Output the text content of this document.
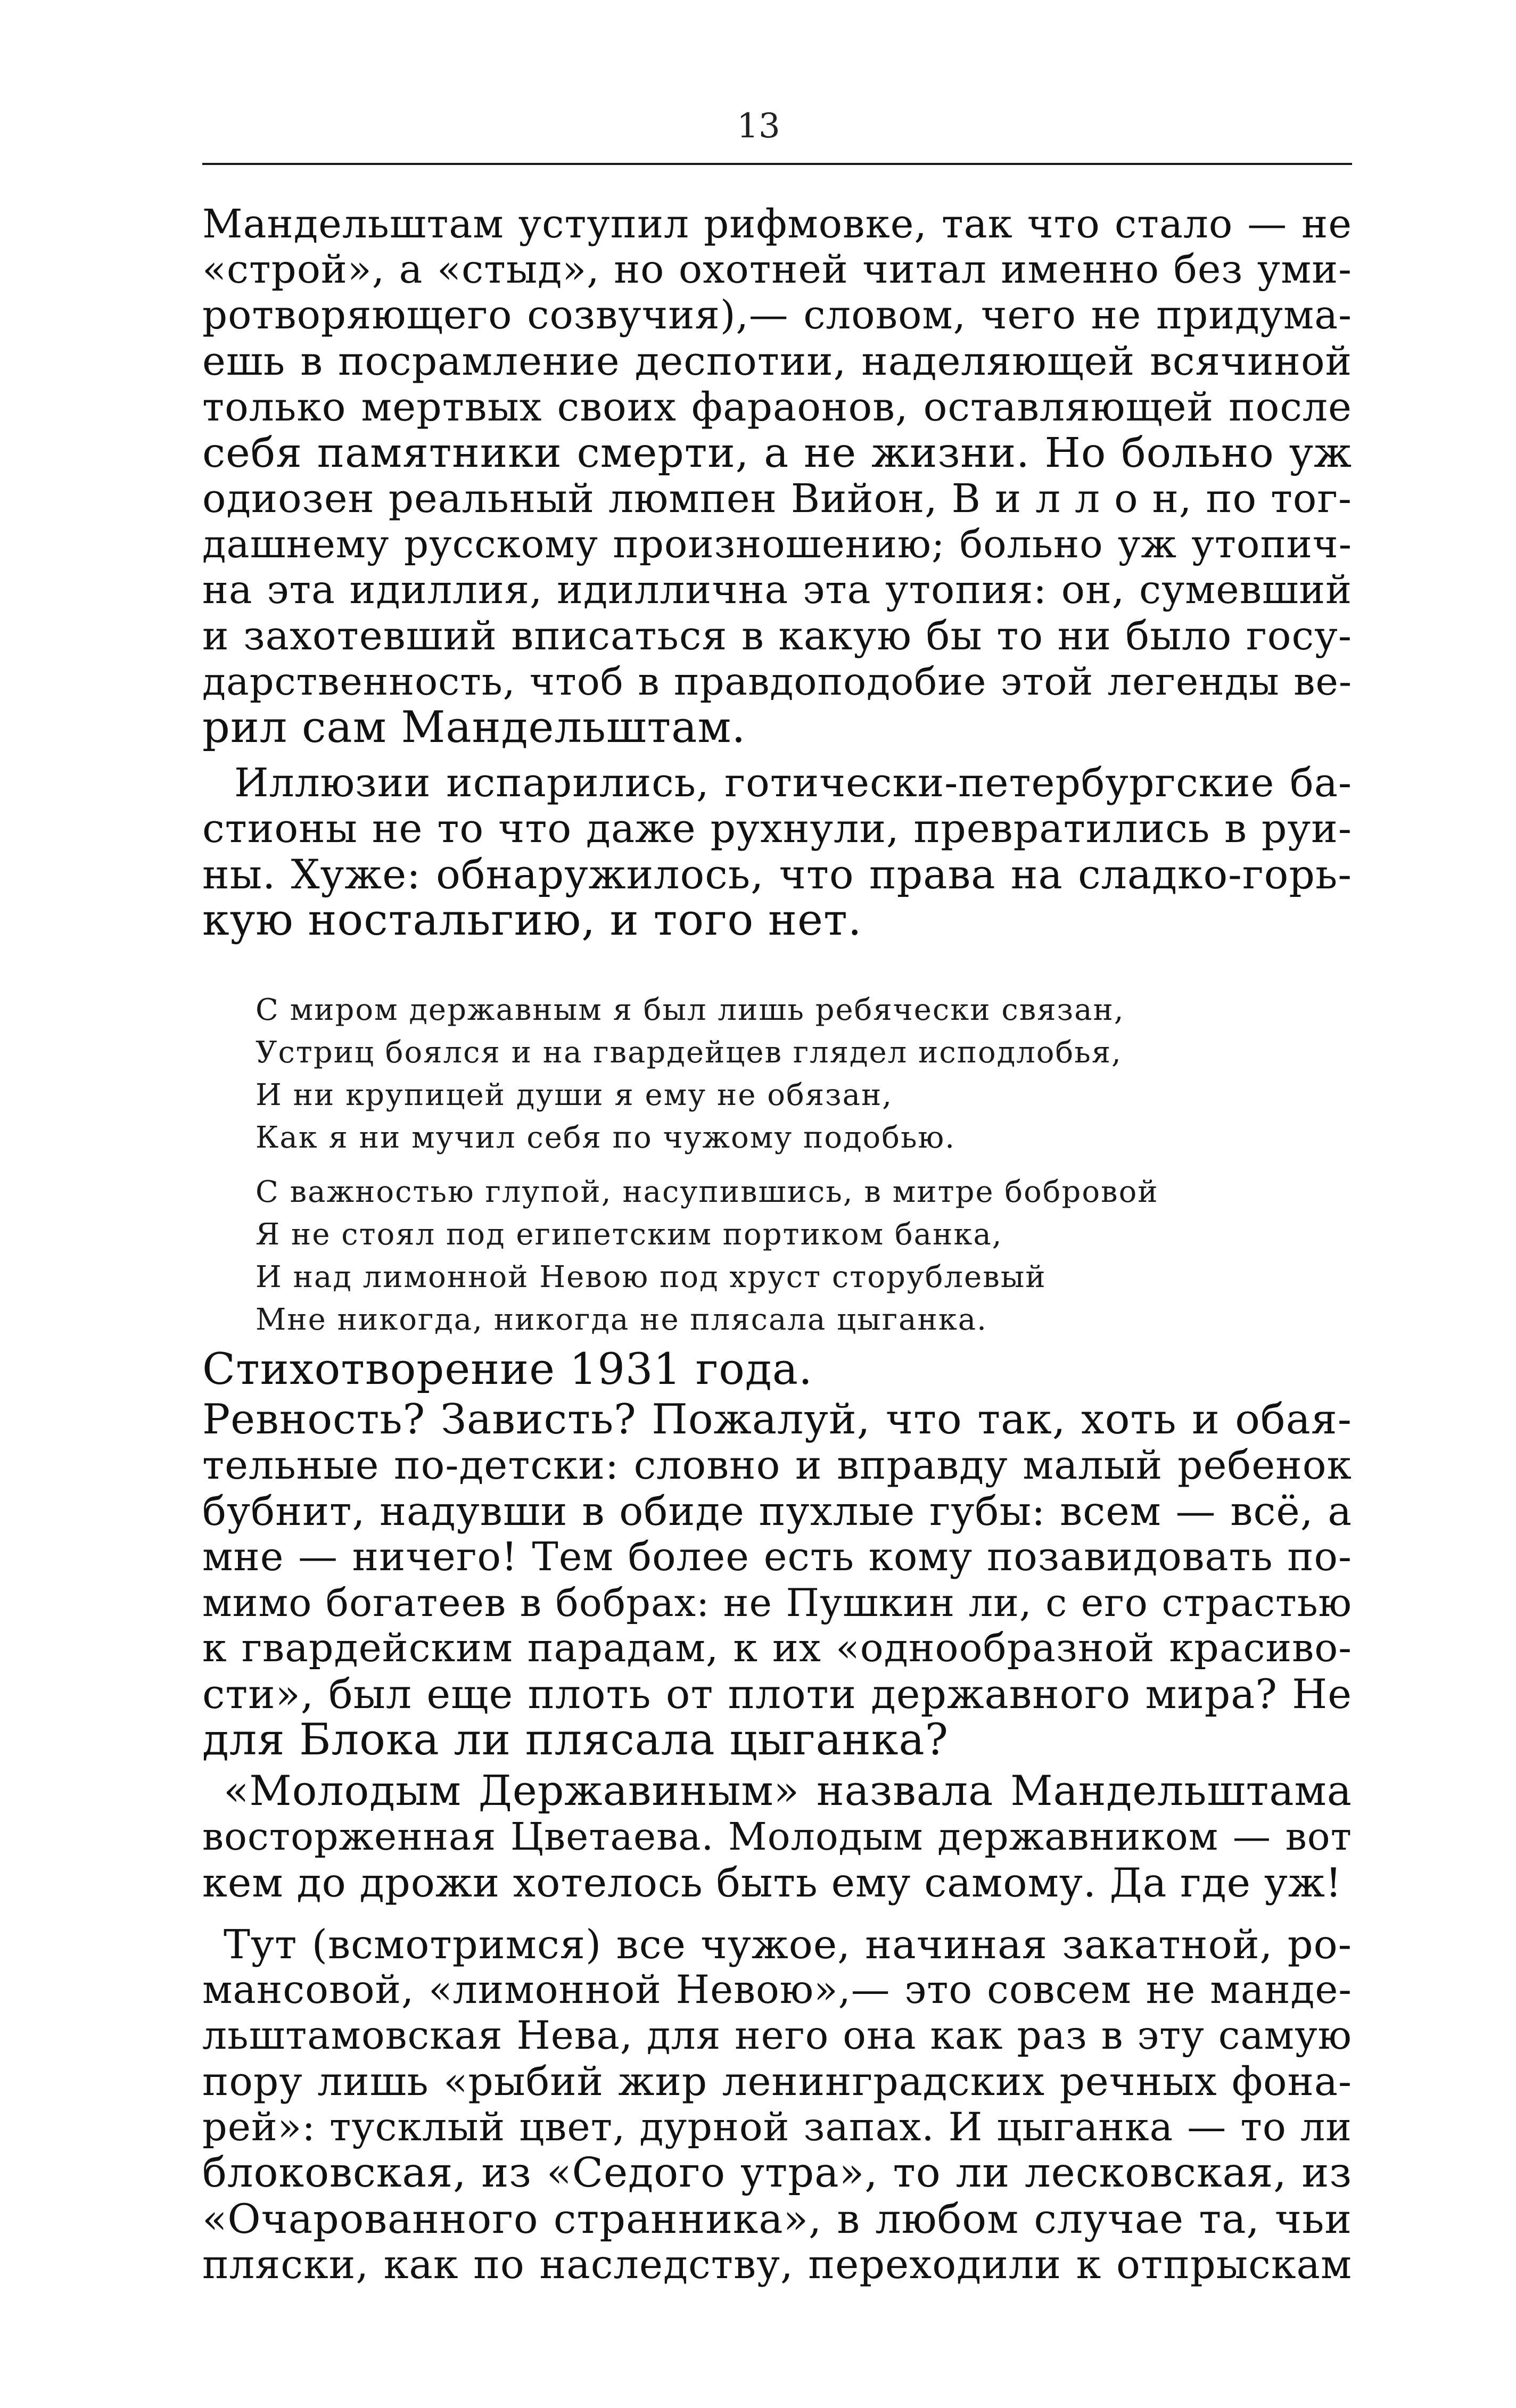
13
Мандельштам уступил рифмовке, так что стало — не
«строй», а «стыд», но охотней читал именно без уми-
ротворяющего созвучия),— словом, чего не придума-
ешь в посрамление деспотии, наделяющей всячиной
только мертвых своих фараонов, оставляющей после
себя памятники смерти, а не жизни. Но больно уж
одиозен реальный люмпен Вийон, В и л л о н, по тог-
дашнему русскому произношению; больно уж утопич-
на эта идиллия, идиллична эта утопия: он, сумевший
и захотевший вписаться в какую бы то ни было госу-
дарственность, чтоб в правдоподобие этой легенды ве-
рил сам Мандельштам.
Иллюзии испарились, готически-петербургские ба-
стионы не то что даже рухнули, превратились в руи-
ны. Хуже: обнаружилось, что права на сладко-горь-
кую ностальгию, и того нет.
С миром державным я был лишь ребячески связан,
Устриц боялся и на гвардейцев глядел исподлобья,
И ни крупицей души я ему не обязан,
Как я ни мучил себя по чужому подобью.
С важностью глупой, насупившись, в митре бобровой
Я не стоял под египетским портиком банка,
И над лимонной Невою под хруст сторублевый
Мне никогда, никогда не плясала цыганка.
Стихотворение 1931 года.
Ревность? Зависть? Пожалуй, что так, хоть и обая-
тельные по-детски: словно и вправду малый ребенок
бубнит, надувши в обиде пухлые губы: всем — всё, а
мне — ничего! Тем более есть кому позавидовать по-
мимо богатеев в бобрах: не Пушкин ли, с его страстью
к гвардейским парадам, к их «однообразной красиво-
сти», был еще плоть от плоти державного мира? Не
для Блока ли плясала цыганка?
«Молодым Державиным» назвала Мандельштама
восторженная Цветаева. Молодым державником — вот
кем до дрожи хотелось быть ему самому. Да где уж!
Тут (всмотримся) все чужое, начиная закатной, ро-
мансовой, «лимонной Невою»,— это совсем не манде-
льштамовская Нева, для него она как раз в эту самую
пору лишь «рыбий жир ленинградских речных фона-
рей»: тусклый цвет, дурной запах. И цыганка — то ли
блоковская, из «Седого утра», то ли лесковская, из
«Очарованного странника», в любом случае та, чьи
пляски, как по наследству, переходили к отпрыскам
